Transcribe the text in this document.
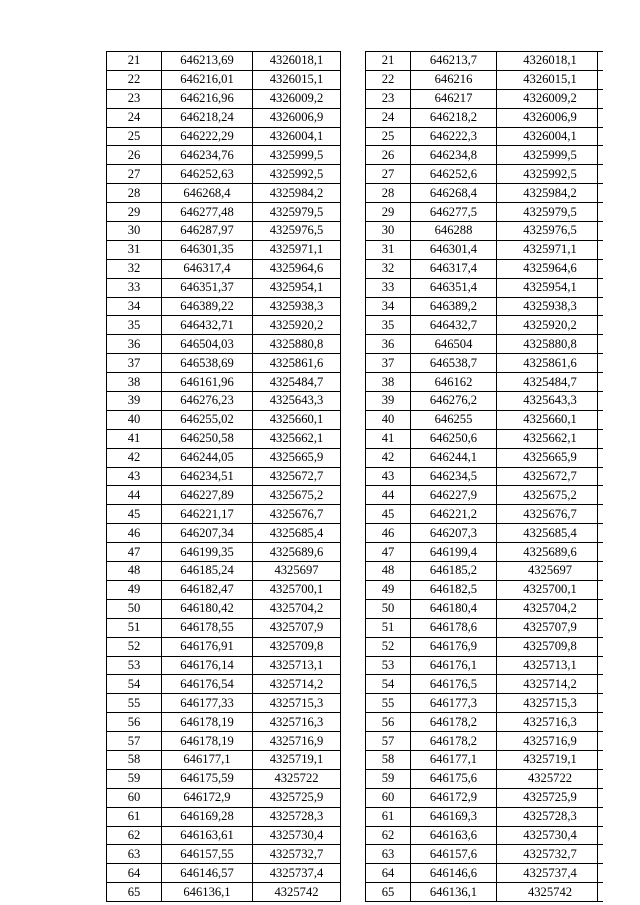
21	646213,69	4326018,1		21	646213,7	4326018,1
22	646216,01	4326015,1		22	646216	4326015,1
23	646216,96	4326009,2		23	646217	4326009,2
24	646218,24	4326006,9		24	646218,2	4326006,9
25	646222,29	4326004,1		25	646222,3	4326004,1
26	646234,76	4325999,5		26	646234,8	4325999,5
27	646252,63	4325992,5		27	646252,6	4325992,5
28	646268,4	4325984,2		28	646268,4	4325984,2
29	646277,48	4325979,5		29	646277,5	4325979,5
30	646287,97	4325976,5		30	646288	4325976,5
31	646301,35	4325971,1		31	646301,4	4325971,1
32	646317,4	4325964,6		32	646317,4	4325964,6
33	646351,37	4325954,1		33	646351,4	4325954,1
34	646389,22	4325938,3		34	646389,2	4325938,3
35	646432,71	4325920,2		35	646432,7	4325920,2
36	646504,03	4325880,8		36	646504	4325880,8
37	646538,69	4325861,6		37	646538,7	4325861,6
38	646161,96	4325484,7		38	646162	4325484,7
39	646276,23	4325643,3		39	646276,2	4325643,3
40	646255,02	4325660,1		40	646255	4325660,1
41	646250,58	4325662,1		41	646250,6	4325662,1
42	646244,05	4325665,9		42	646244,1	4325665,9
43	646234,51	4325672,7		43	646234,5	4325672,7
44	646227,89	4325675,2		44	646227,9	4325675,2
45	646221,17	4325676,7		45	646221,2	4325676,7
46	646207,34	4325685,4		46	646207,3	4325685,4
47	646199,35	4325689,6		47	646199,4	4325689,6
48	646185,24	4325697		48	646185,2	4325697
49	646182,47	4325700,1		49	646182,5	4325700,1
50	646180,42	4325704,2		50	646180,4	4325704,2
51	646178,55	4325707,9		51	646178,6	4325707,9
52	646176,91	4325709,8		52	646176,9	4325709,8
53	646176,14	4325713,1		53	646176,1	4325713,1
54	646176,54	4325714,2		54	646176,5	4325714,2
55	646177,33	4325715,3		55	646177,3	4325715,3
56	646178,19	4325716,3		56	646178,2	4325716,3
57	646178,19	4325716,9		57	646178,2	4325716,9
58	646177,1	4325719,1		58	646177,1	4325719,1
59	646175,59	4325722		59	646175,6	4325722
60	646172,9	4325725,9		60	646172,9	4325725,9
61	646169,28	4325728,3		61	646169,3	4325728,3
62	646163,61	4325730,4		62	646163,6	4325730,4
63	646157,55	4325732,7		63	646157,6	4325732,7
64	646146,57	4325737,4		64	646146,6	4325737,4
65	646136,1	4325742		65	646136,1	4325742
